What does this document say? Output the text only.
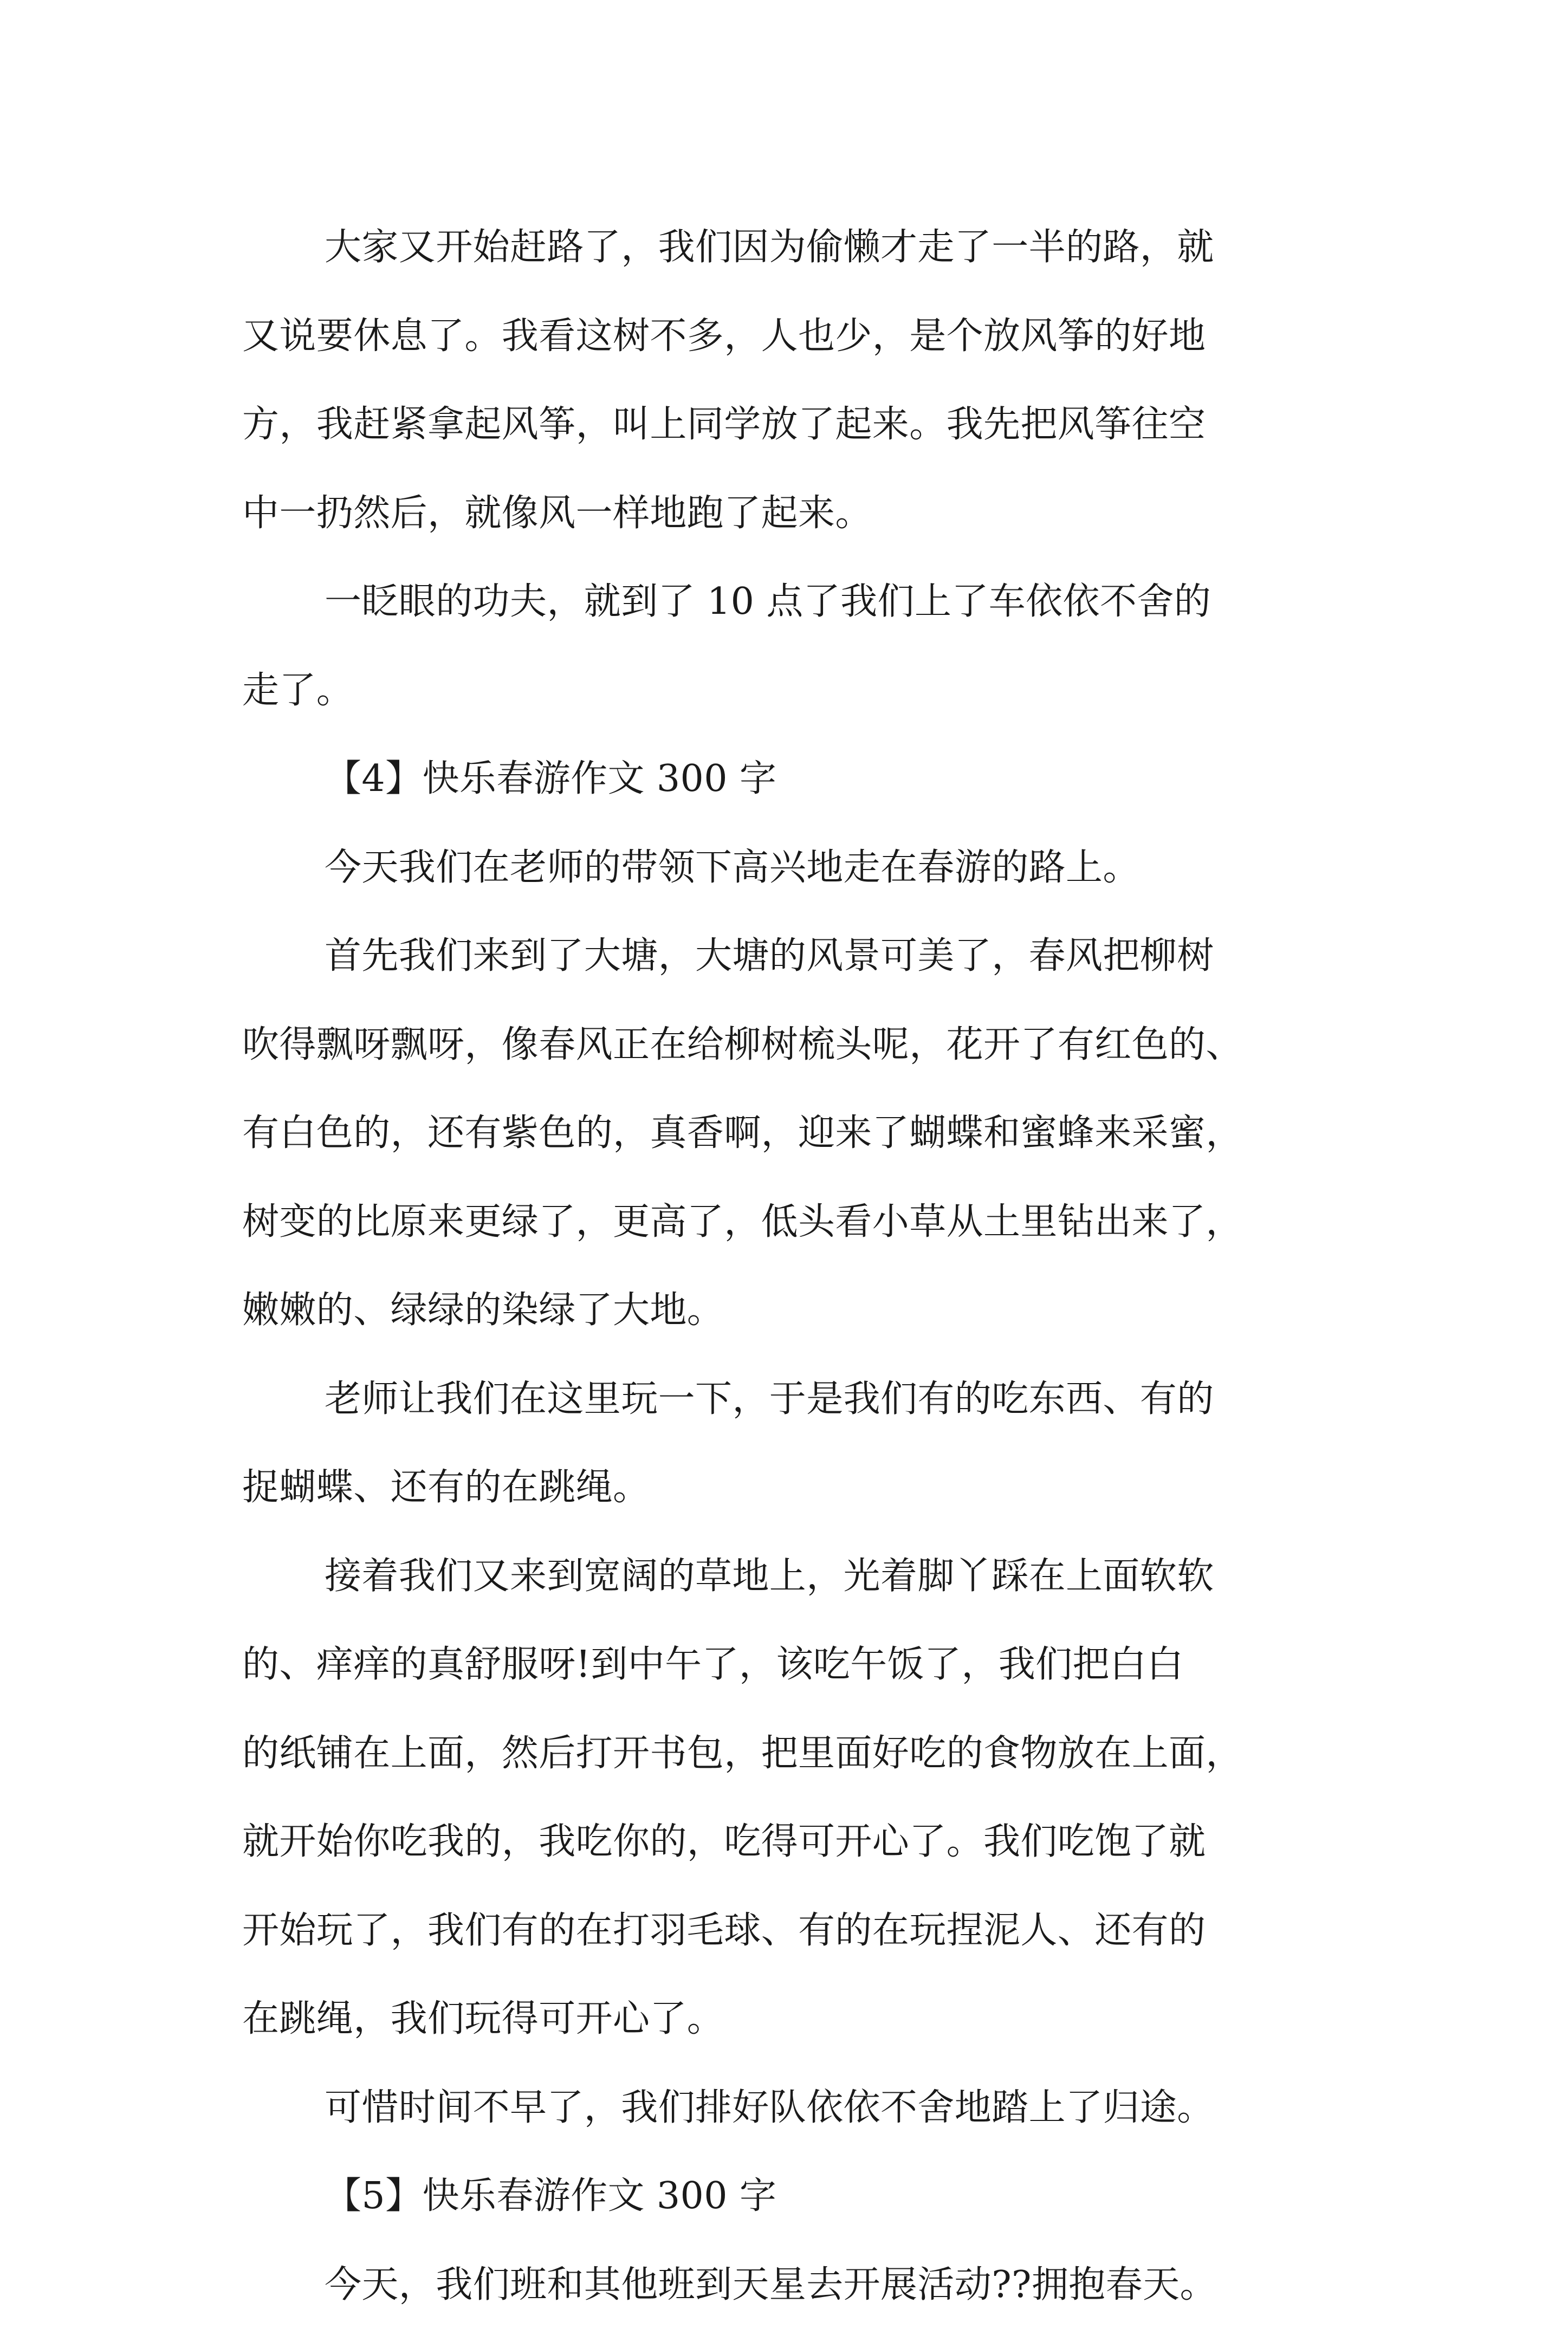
大家又开始赶路了，我们因为偷懒才走了一半的路，就
又说要休息了。我看这树不多，人也少，是个放风筝的好地
方，我赶紧拿起风筝，叫上同学放了起来。我先把风筝往空
中一扔然后，就像风一样地跑了起来。
一眨眼的功夫，就到了 10 点了我们上了车依依不舍的
走了。
【4】快乐春游作文 300 字
今天我们在老师的带领下高兴地走在春游的路上。
首先我们来到了大塘，大塘的风景可美了，春风把柳树
吹得飘呀飘呀，像春风正在给柳树梳头呢，花开了有红色的、
有白色的，还有紫色的，真香啊，迎来了蝴蝶和蜜蜂来采蜜，
树变的比原来更绿了，更高了，低头看小草从土里钻出来了，
嫩嫩的、绿绿的染绿了大地。
老师让我们在这里玩一下，于是我们有的吃东西、有的
捉蝴蝶、还有的在跳绳。
接着我们又来到宽阔的草地上，光着脚丫踩在上面软软
的、痒痒的真舒服呀!到中午了，该吃午饭了，我们把白白
的纸铺在上面，然后打开书包，把里面好吃的食物放在上面，
就开始你吃我的，我吃你的，吃得可开心了。我们吃饱了就
开始玩了，我们有的在打羽毛球、有的在玩捏泥人、还有的
在跳绳，我们玩得可开心了。
可惜时间不早了，我们排好队依依不舍地踏上了归途。
【5】快乐春游作文 300 字
今天，我们班和其他班到天星去开展活动??拥抱春天。
